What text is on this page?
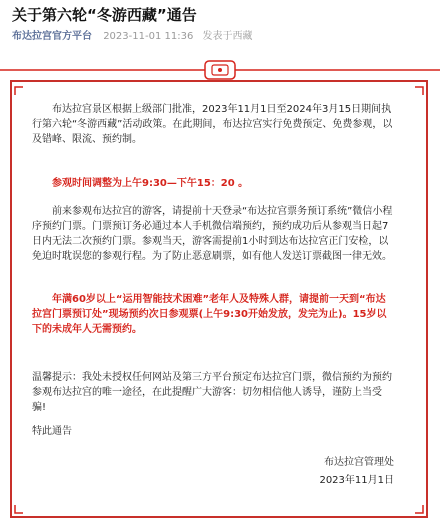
关于第六轮“冬游西藏”通告
布达拉宫官方平台 2023-11-01 11:36 发表于西藏

布达拉宫景区根据上级部门批准，2023年11月1日至2024年3月15日期间执行第六轮“冬游西藏”活动政策。在此期间，布达拉宫实行免费预定、免费参观，以及错峰、限流、预约制。

参观时间调整为上午9:30—下午15：20 。

前来参观布达拉宫的游客，请提前十天登录“布达拉宫票务预订系统”微信小程序预约门票。门票预订务必通过本人手机微信端预约，预约成功后从参观当日起7日内无法二次预约门票。参观当天，游客需提前1小时到达布达拉宫正门安检，以免迫时耽误您的参观行程。为了防止恶意刷票，如有他人发送订票截图一律无效。

年满60岁以上“运用智能技术困难”老年人及特殊人群，请提前一天到“布达拉宫门票预订处”现场预约次日参观票(上午9:30开始发放，发完为止)。15岁以下的未成年人无需预约。

温馨提示：我处未授权任何网站及第三方平台预定布达拉宫门票，微信预约为预约参观布达拉宫的唯一途径，在此提醒广大游客：切勿相信他人诱导，谨防上当受骗!

特此通告

布达拉宫管理处
2023年11月1日
